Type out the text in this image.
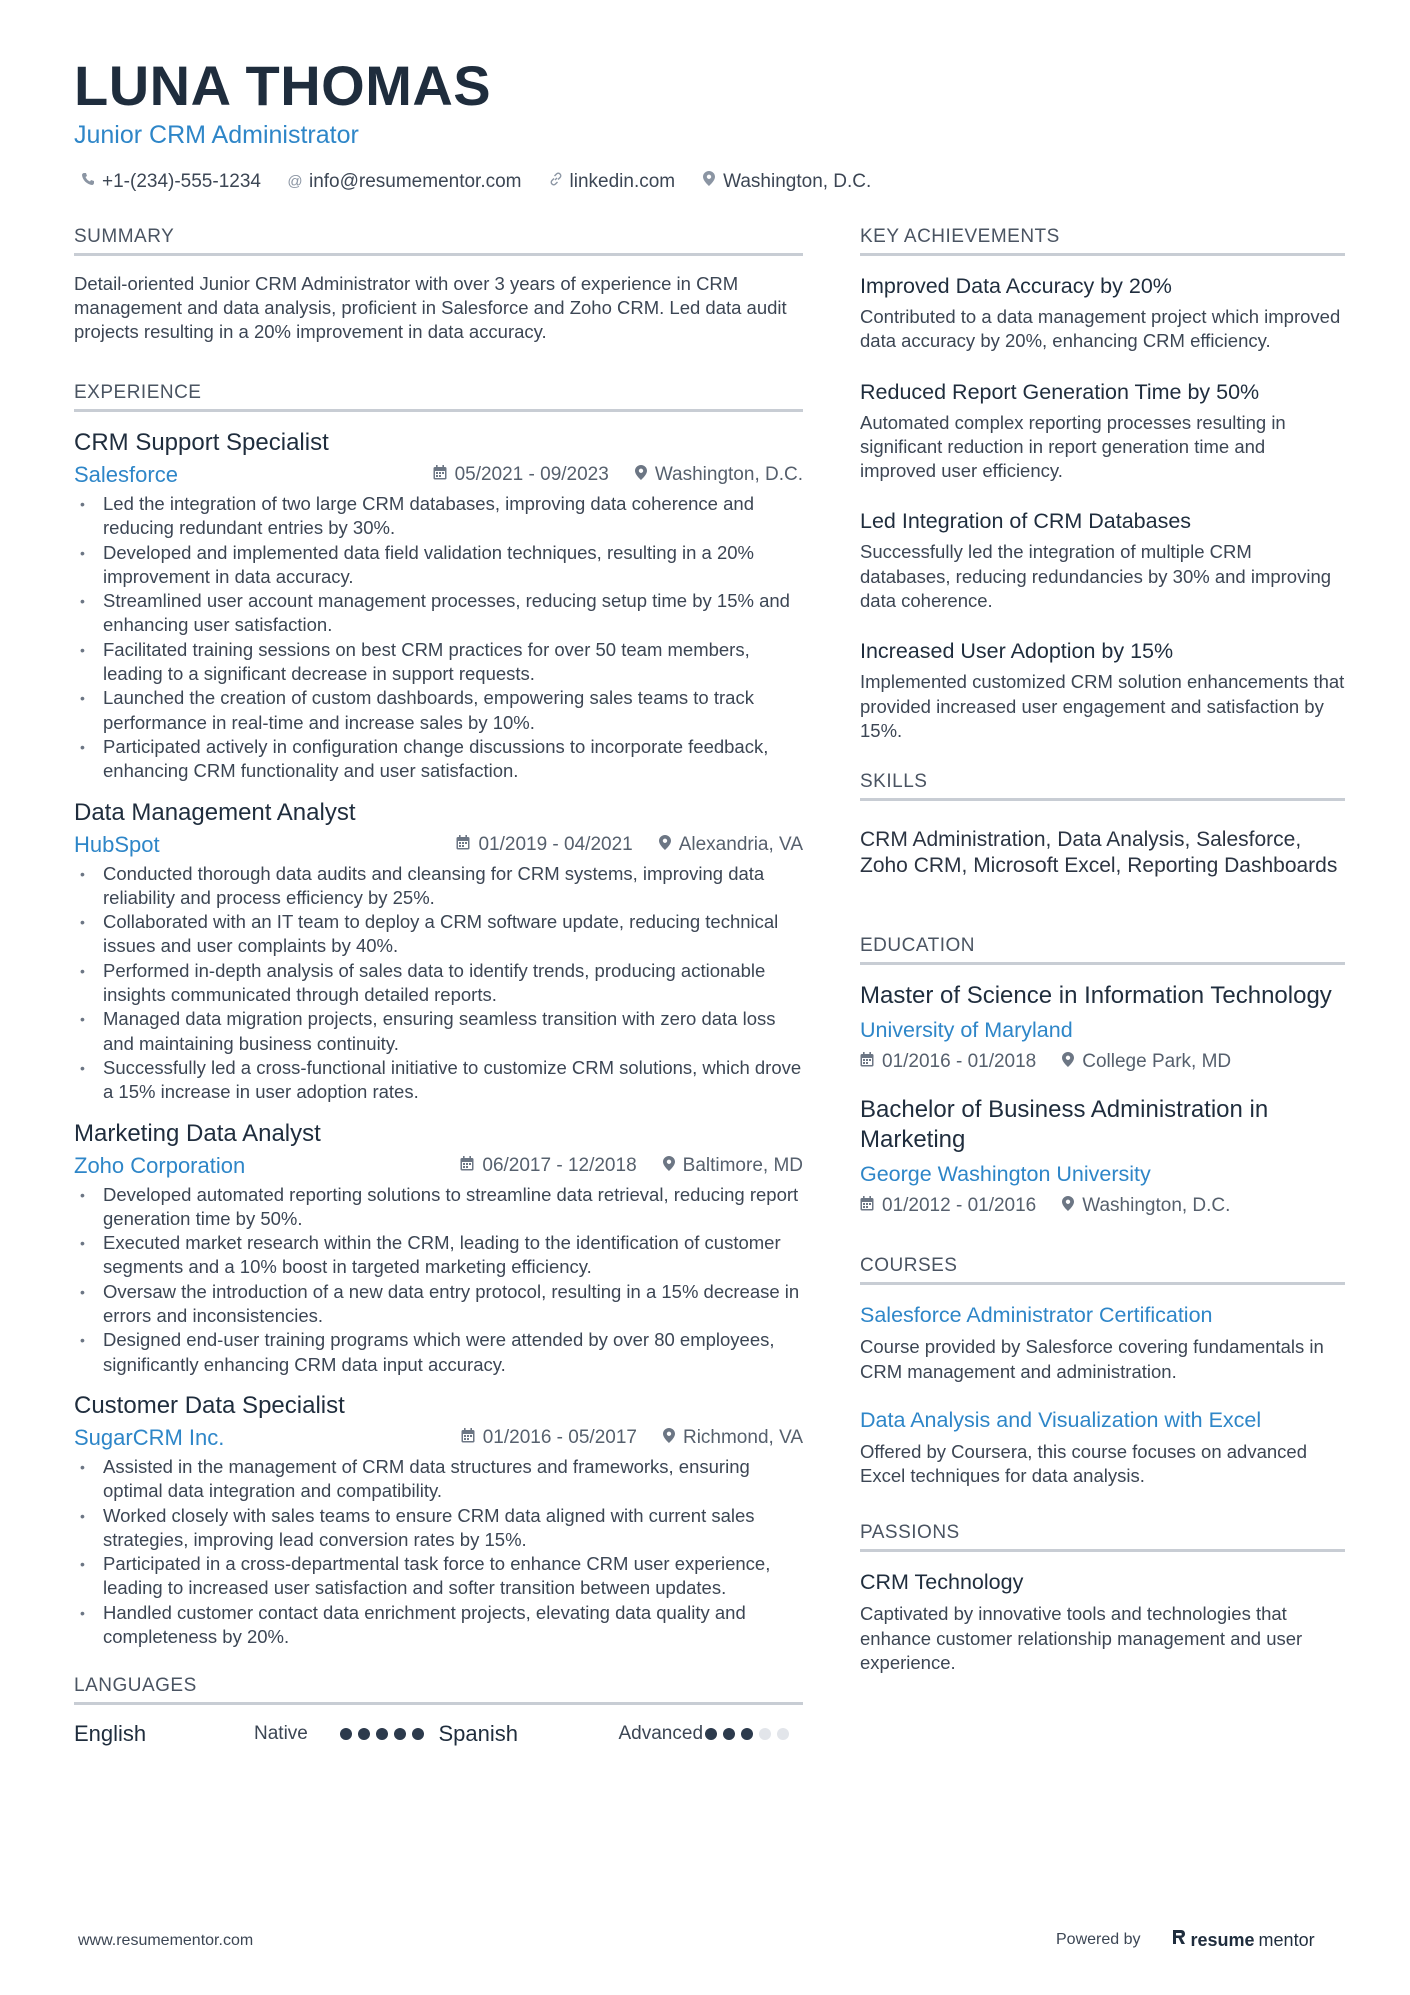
LUNA THOMAS
Junior CRM Administrator
+1-(234)-555-1234 @ info@resumementor.com	linkedin.com	Washington, D.C.
SUMMARY
Detail-oriented Junior CRM Administrator with over 3 years of experience in CRM management and data analysis, proficient in Salesforce and Zoho CRM. Led data audit projects resulting in a 20% improvement in data accuracy.
EXPERIENCE
CRM Support Specialist
Salesforce	05/2021 - 09/2023 Washington, D.C.
• Led the integration of two large CRM databases, improving data coherence and reducing redundant entries by 30%.
• Developed and implemented data field validation techniques, resulting in a 20% improvement in data accuracy.
• Streamlined user account management processes, reducing setup time by 15% and enhancing user satisfaction.
• Facilitated training sessions on best CRM practices for over 50 team members, leading to a significant decrease in support requests.
• Launched the creation of custom dashboards, empowering sales teams to track performance in real-time and increase sales by 10%.
• Participated actively in configuration change discussions to incorporate feedback, enhancing CRM functionality and user satisfaction.
Data Management Analyst
HubSpot	01/2019 - 04/2021 Alexandria, VA
• Conducted thorough data audits and cleansing for CRM systems, improving data reliability and process efficiency by 25%.
• Collaborated with an IT team to deploy a CRM software update, reducing technical issues and user complaints by 40%.
• Performed in-depth analysis of sales data to identify trends, producing actionable insights communicated through detailed reports.
• Managed data migration projects, ensuring seamless transition with zero data loss and maintaining business continuity.
• Successfully led a cross-functional initiative to customize CRM solutions, which drove a 15% increase in user adoption rates.
Marketing Data Analyst
Zoho Corporation	06/2017 - 12/2018 Baltimore, MD
• Developed automated reporting solutions to streamline data retrieval, reducing report generation time by 50%.
• Executed market research within the CRM, leading to the identification of customer segments and a 10% boost in targeted marketing efficiency.
• Oversaw the introduction of a new data entry protocol, resulting in a 15% decrease in errors and inconsistencies.
• Designed end-user training programs which were attended by over 80 employees, significantly enhancing CRM data input accuracy.
Customer Data Specialist
SugarCRM Inc.	01/2016 - 05/2017 Richmond, VA
• Assisted in the management of CRM data structures and frameworks, ensuring optimal data integration and compatibility.
• Worked closely with sales teams to ensure CRM data aligned with current sales strategies, improving lead conversion rates by 15%.
• Participated in a cross-departmental task force to enhance CRM user experience, leading to increased user satisfaction and softer transition between updates.
• Handled customer contact data enrichment projects, elevating data quality and completeness by 20%.
LANGUAGES
English	Native	Spanish	Advanced
KEY ACHIEVEMENTS
Improved Data Accuracy by 20%
Contributed to a data management project which improved data accuracy by 20%, enhancing CRM efficiency.
Reduced Report Generation Time by 50%
Automated complex reporting processes resulting in significant reduction in report generation time and improved user efficiency.
Led Integration of CRM Databases
Successfully led the integration of multiple CRM databases, reducing redundancies by 30% and improving data coherence.
Increased User Adoption by 15%
Implemented customized CRM solution enhancements that provided increased user engagement and satisfaction by 15%.
SKILLS
CRM Administration, Data Analysis, Salesforce, Zoho CRM, Microsoft Excel, Reporting Dashboards
EDUCATION
Master of Science in Information Technology
University of Maryland
01/2016 - 01/2018 College Park, MD
Bachelor of Business Administration in Marketing
George Washington University
01/2012 - 01/2016 Washington, D.C.
COURSES
Salesforce Administrator Certification
Course provided by Salesforce covering fundamentals in CRM management and administration.
Data Analysis and Visualization with Excel
Offered by Coursera, this course focuses on advanced Excel techniques for data analysis.
PASSIONS
CRM Technology
Captivated by innovative tools and technologies that enhance customer relationship management and user experience.
www.resumementor.com	Powered by	resume mentor
